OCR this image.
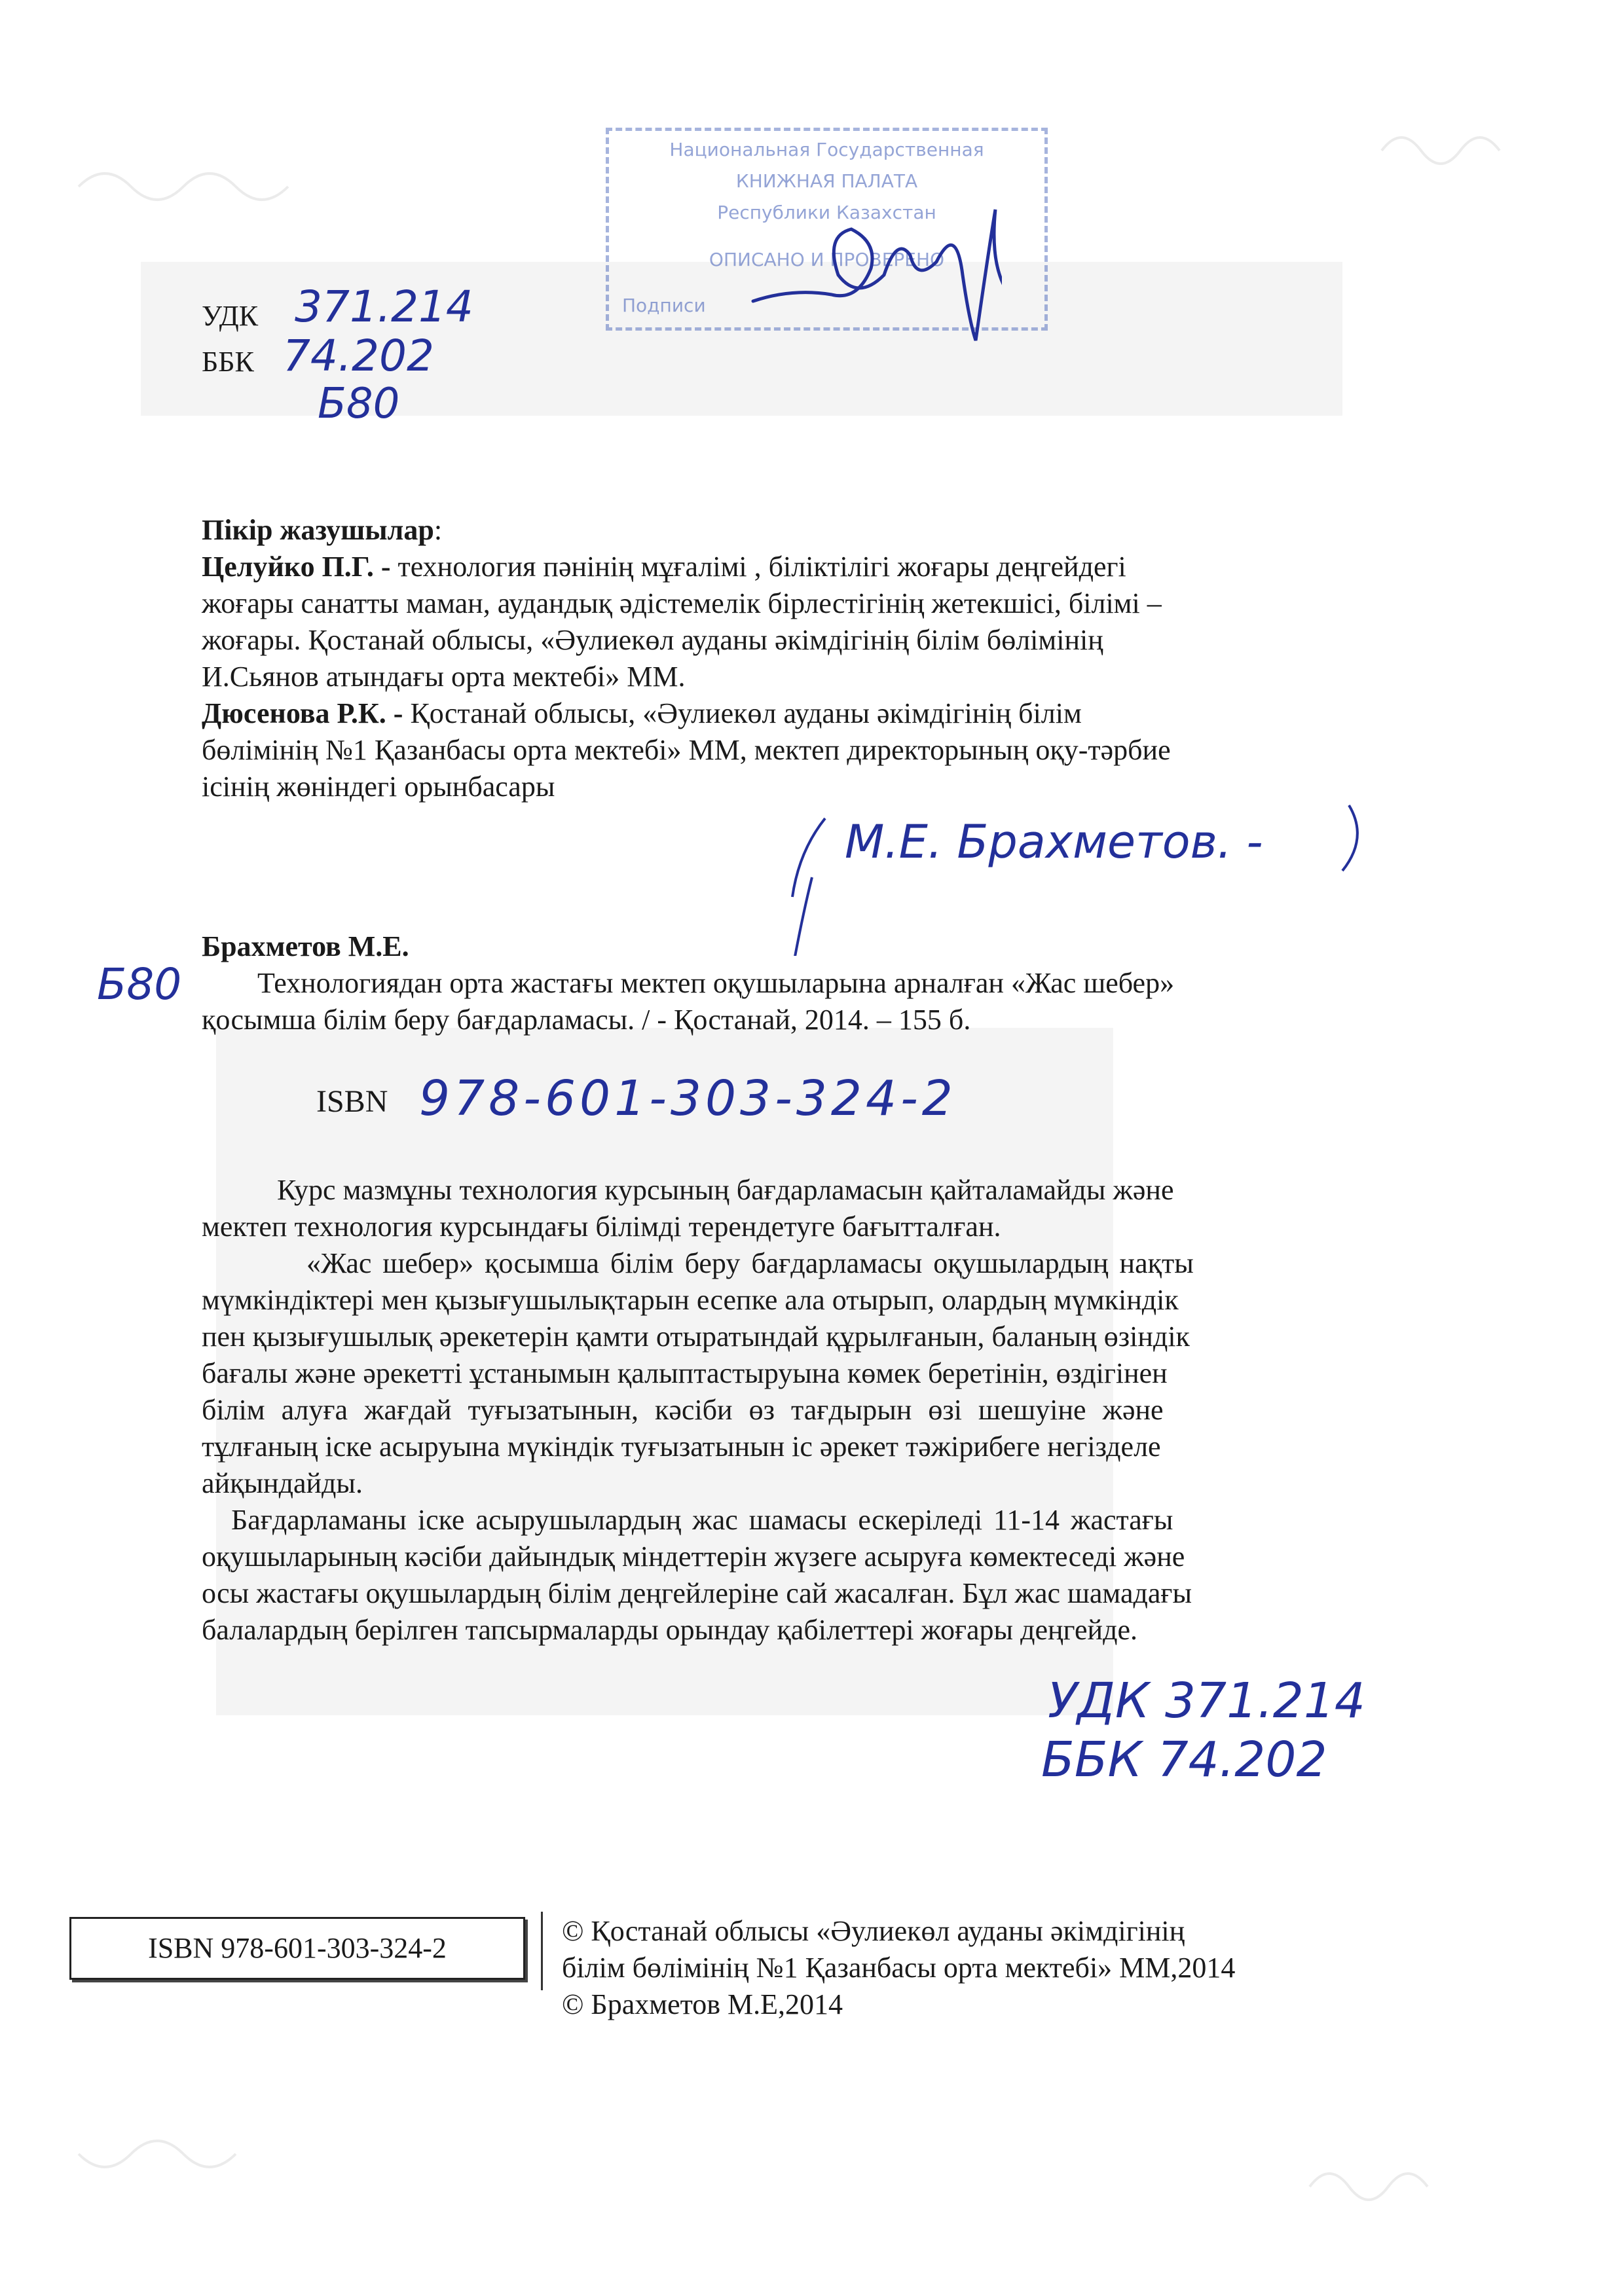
УДК 371.214
ББК 74.202
Б80
Национальная Государственная
КНИЖНАЯ ПАЛАТА
Республики Казахстан
ОПИСАНО И ПРОВЕРЕНО
Подписи
Пікір жазушылар:
Целуйко П.Г. - технология пәнінің мұғалімі , біліктілігі жоғары деңгейдегі
жоғары санатты маман, аудандық әдістемелік бірлестігінің жетекшісі, білімі –
жоғары. Қостанай облысы, «Әулиекөл ауданы әкімдігінің білім бөлімінің
И.Сьянов атындағы орта мектебі» ММ.
Дюсенова Р.К. - Қостанай облысы, «Әулиекөл ауданы әкімдігінің білім
бөлімінің №1 Қазанбасы орта мектебі» ММ, мектеп директорының оқу-тәрбие
ісінің жөніндегі орынбасары
М.Е. Брахметов. -
Брахметов М.Е.
Б80	Технологиядан орта жастағы мектеп оқушыларына арналған «Жас шебер»
қосымша білім беру бағдарламасы. / - Қостанай, 2014. – 155 б.
ISBN 978-601-303-324-2
Курс мазмұны технология курсының бағдарламасын қайталамайды және
мектеп технология курсындағы білімді терендетуге бағытталған.
«Жас шебер» қосымша білім беру бағдарламасы оқушылардың нақты
мүмкіндіктері мен қызығушылықтарын есепке ала отырып, олардың мүмкіндік
пен қызығушылық әрекетерін қамти отыратындай құрылғанын, баланың өзіндік
бағалы және әрекетті ұстанымын қалыптастыруына көмек беретінін, өздігінен
білім алуға жағдай туғызатынын, кәсіби өз тағдырын өзі шешуіне және
тұлғаның іске асыруына мүкіндік туғызатынын іс әрекет тәжірибеге негізделе
айқындайды.
Бағдарламаны іске асырушылардың жас шамасы ескеріледі 11-14 жастағы
оқушыларының кәсіби дайындық міндеттерін жүзеге асыруға көмектеседі және
осы жастағы оқушылардың білім деңгейлеріне сай жасалған. Бұл жас шамадағы
балалардың берілген тапсырмаларды орындау қабілеттері жоғары деңгейде.
УДК 371.214
ББК 74.202
ISBN 978-601-303-324-2
© Қостанай облысы «Әулиекөл ауданы әкімдігінің
білім бөлімінің №1 Қазанбасы орта мектебі» ММ,2014
© Брахметов М.Е,2014
